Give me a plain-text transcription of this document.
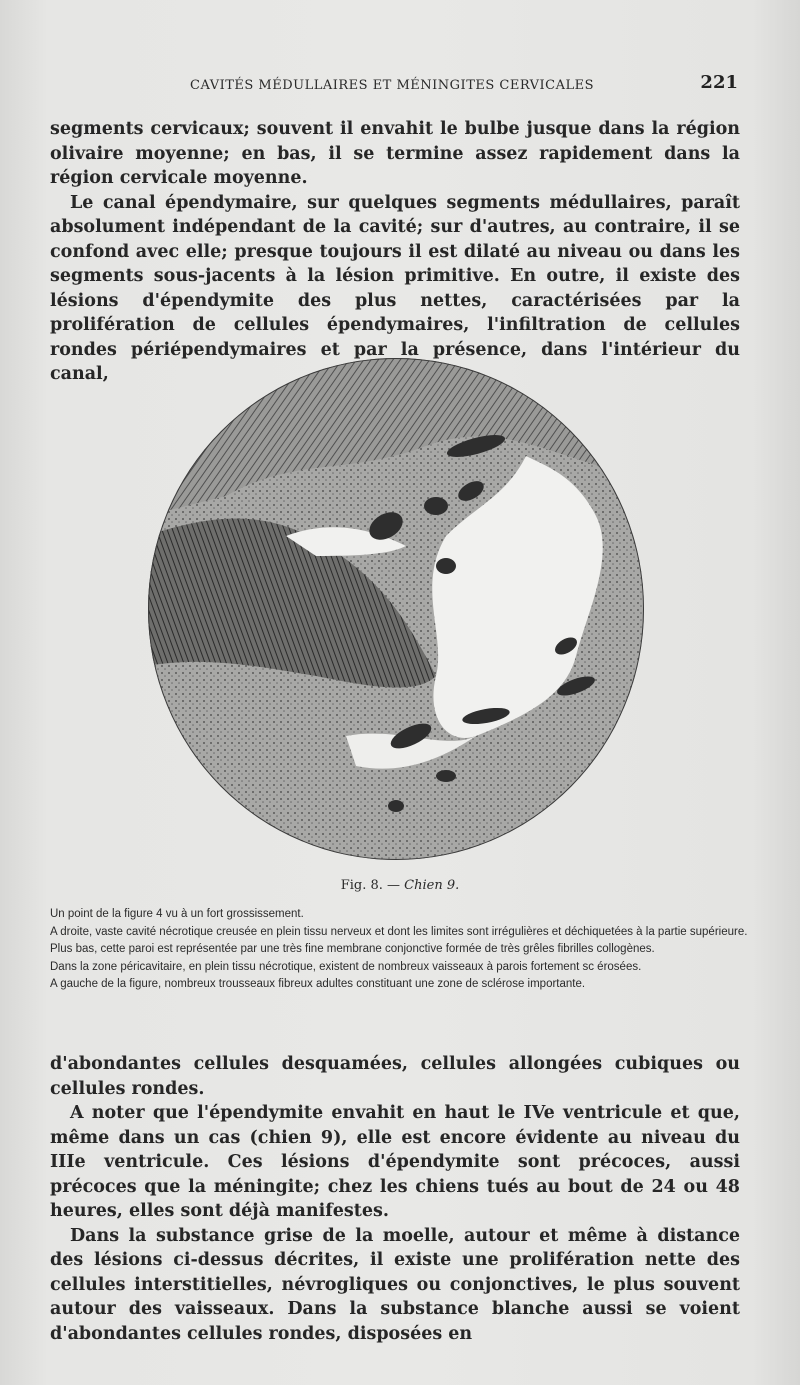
CAVITÉS MÉDULLAIRES ET MÉNINGITES CERVICALES	221

segments cervicaux; souvent il envahit le bulbe jusque dans la région olivaire moyenne; en bas, il se termine assez rapidement dans la région cervicale moyenne.

Le canal épendymaire, sur quelques segments médullaires, paraît absolument indépendant de la cavité; sur d'autres, au contraire, il se confond avec elle; presque toujours il est dilaté au niveau ou dans les segments sous-jacents à la lésion primitive. En outre, il existe des lésions d'épendymite des plus nettes, caractérisées par la prolifération de cellules épendymaires, l'infiltration de cellules rondes périépendymaires et par la présence, dans l'intérieur du canal,

Fig. 8. — Chien 9.

Un point de la figure 4 vu à un fort grossissement.

A droite, vaste cavité nécrotique creusée en plein tissu nerveux et dont les limites sont irrégulières et déchiquetées à la partie supérieure. Plus bas, cette paroi est représentée par une très fine membrane conjonctive formée de très grêles fibrilles collogènes.

Dans la zone péricavitaire, en plein tissu nécrotique, existent de nombreux vaisseaux à parois fortement sc érosées.

A gauche de la figure, nombreux trousseaux fibreux adultes constituant une zone de sclérose importante.

d'abondantes cellules desquamées, cellules allongées cubiques ou cellules rondes.

A noter que l'épendymite envahit en haut le IVe ventricule et que, même dans un cas (chien 9), elle est encore évidente au niveau du IIIe ventricule. Ces lésions d'épendymite sont précoces, aussi précoces que la méningite; chez les chiens tués au bout de 24 ou 48 heures, elles sont déjà manifestes.

Dans la substance grise de la moelle, autour et même à distance des lésions ci-dessus décrites, il existe une prolifération nette des cellules interstitielles, névrogliques ou conjonctives, le plus souvent autour des vaisseaux. Dans la substance blanche aussi se voient d'abondantes cellules rondes, disposées en
